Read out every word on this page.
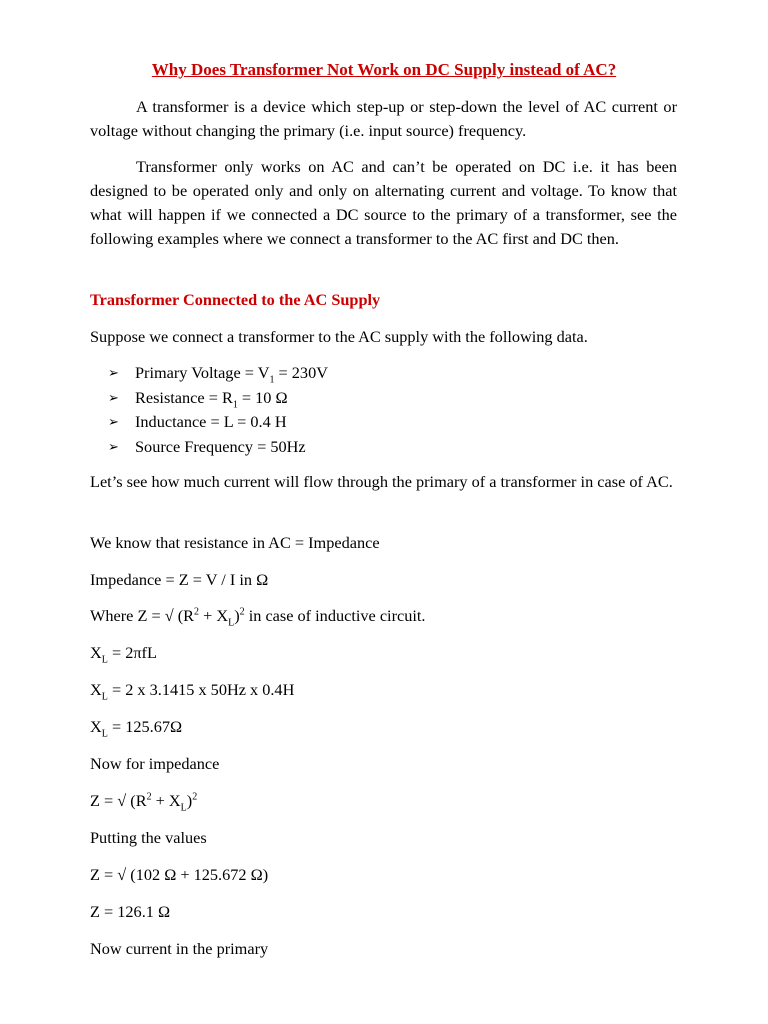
Why Does Transformer Not Work on DC Supply instead of AC?
A transformer is a device which step-up or step-down the level of AC current or voltage without changing the primary (i.e. input source) frequency.
Transformer only works on AC and can’t be operated on DC i.e. it has been designed to be operated only and only on alternating current and voltage. To know that what will happen if we connected a DC source to the primary of a transformer, see the following examples where we connect a transformer to the AC first and DC then.
Transformer Connected to the AC Supply
Suppose we connect a transformer to the AC supply with the following data.
➢ Primary Voltage = $V_1 = 230V$
➢ Resistance = $R_1 = 10$ Ω
➢ Inductance = L = 0.4 H
➢ Source Frequency = 50Hz
Let’s see how much current will flow through the primary of a transformer in case of AC.
We know that resistance in AC = Impedance
Impedance = Z = V / I in Ω
Where Z = √ $(R^2 + X_L)^2$ in case of inductive circuit.
$X_L = 2\pi fL$
$X_L = 2$ x 3.1415 x 50Hz x 0.4H
$X_L = 125.67\Omega$
Now for impedance
Z = √ $(R^2 + X_L)^2$
Putting the values
Z = √ (102 Ω + 125.672 Ω)
Z = 126.1 Ω
Now current in the primary
